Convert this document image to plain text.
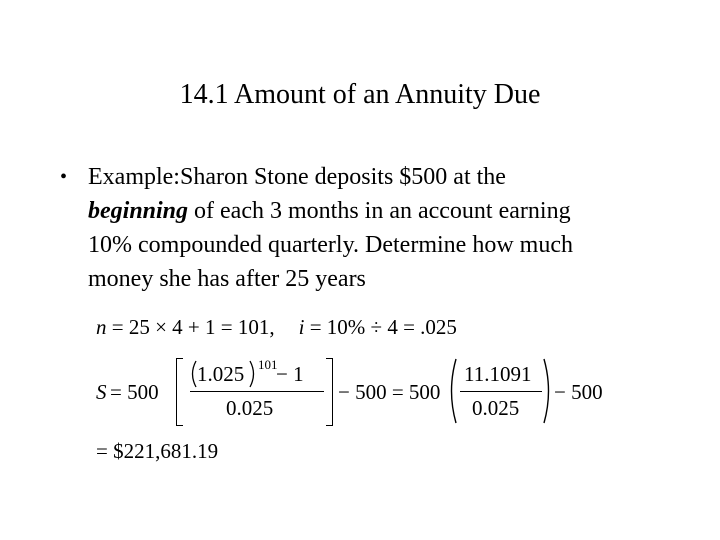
14.1 Amount of an Annuity Due
• Example:Sharon Stone deposits $500 at the
beginning of each 3 months in an account earning
10% compounded quarterly. Determine how much
money she has after 25 years
n = 25 × 4 + 1 = 101, i = 10% ÷ 4 = .025
S = 500
1.025 101
− 1
0.025
− 500 = 500
11.1091
0.025
− 500
= $221,681.19
